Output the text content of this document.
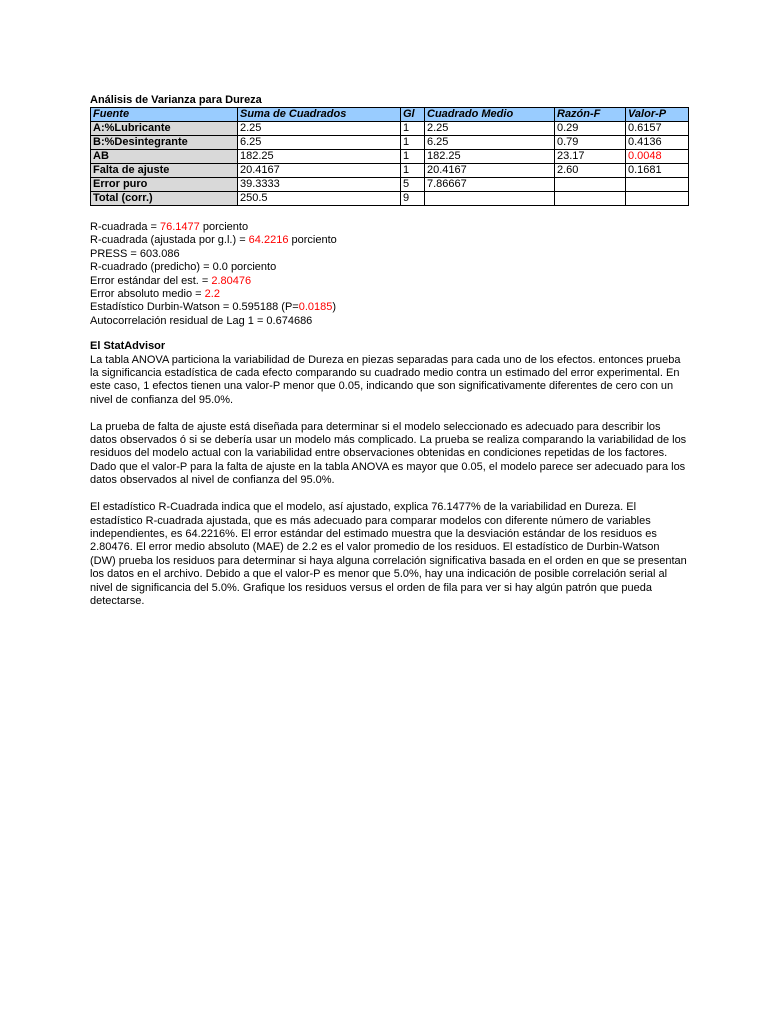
Análisis de Varianza para Dureza
Fuente	Suma de Cuadrados	Gl	Cuadrado Medio	Razón-F	Valor-P
A:%Lubricante	2.25	1	2.25	0.29	0.6157
B:%Desintegrante	6.25	1	6.25	0.79	0.4136
AB	182.25	1	182.25	23.17	0.0048
Falta de ajuste	20.4167	1	20.4167	2.60	0.1681
Error puro	39.3333	5	7.86667		
Total (corr.)	250.5	9			
R-cuadrada = 76.1477 porciento
R-cuadrada (ajustada por g.l.) = 64.2216 porciento
PRESS = 603.086
R-cuadrado (predicho) = 0.0 porciento
Error estándar del est. = 2.80476
Error absoluto medio = 2.2
Estadístico Durbin-Watson = 0.595188 (P=0.0185)
Autocorrelación residual de Lag 1 = 0.674686
El StatAdvisor
La tabla ANOVA particiona la variabilidad de Dureza en piezas separadas para cada uno de los efectos. entonces prueba la significancia estadística de cada efecto comparando su cuadrado medio contra un estimado del error experimental. En este caso, 1 efectos tienen una valor-P menor que 0.05, indicando que son significativamente diferentes de cero con un nivel de confianza del 95.0%.
La prueba de falta de ajuste está diseñada para determinar si el modelo seleccionado es adecuado para describir los datos observados ó si se debería usar un modelo más complicado. La prueba se realiza comparando la variabilidad de los residuos del modelo actual con la variabilidad entre observaciones obtenidas en condiciones repetidas de los factores. Dado que el valor-P para la falta de ajuste en la tabla ANOVA es mayor que 0.05, el modelo parece ser adecuado para los datos observados al nivel de confianza del 95.0%.
El estadístico R-Cuadrada indica que el modelo, así ajustado, explica 76.1477% de la variabilidad en Dureza. El estadístico R-cuadrada ajustada, que es más adecuado para comparar modelos con diferente número de variables independientes, es 64.2216%. El error estándar del estimado muestra que la desviación estándar de los residuos es 2.80476. El error medio absoluto (MAE) de 2.2 es el valor promedio de los residuos. El estadístico de Durbin-Watson (DW) prueba los residuos para determinar si haya alguna correlación significativa basada en el orden en que se presentan los datos en el archivo. Debido a que el valor-P es menor que 5.0%, hay una indicación de posible correlación serial al nivel de significancia del 5.0%. Grafique los residuos versus el orden de fila para ver si hay algún patrón que pueda detectarse.
